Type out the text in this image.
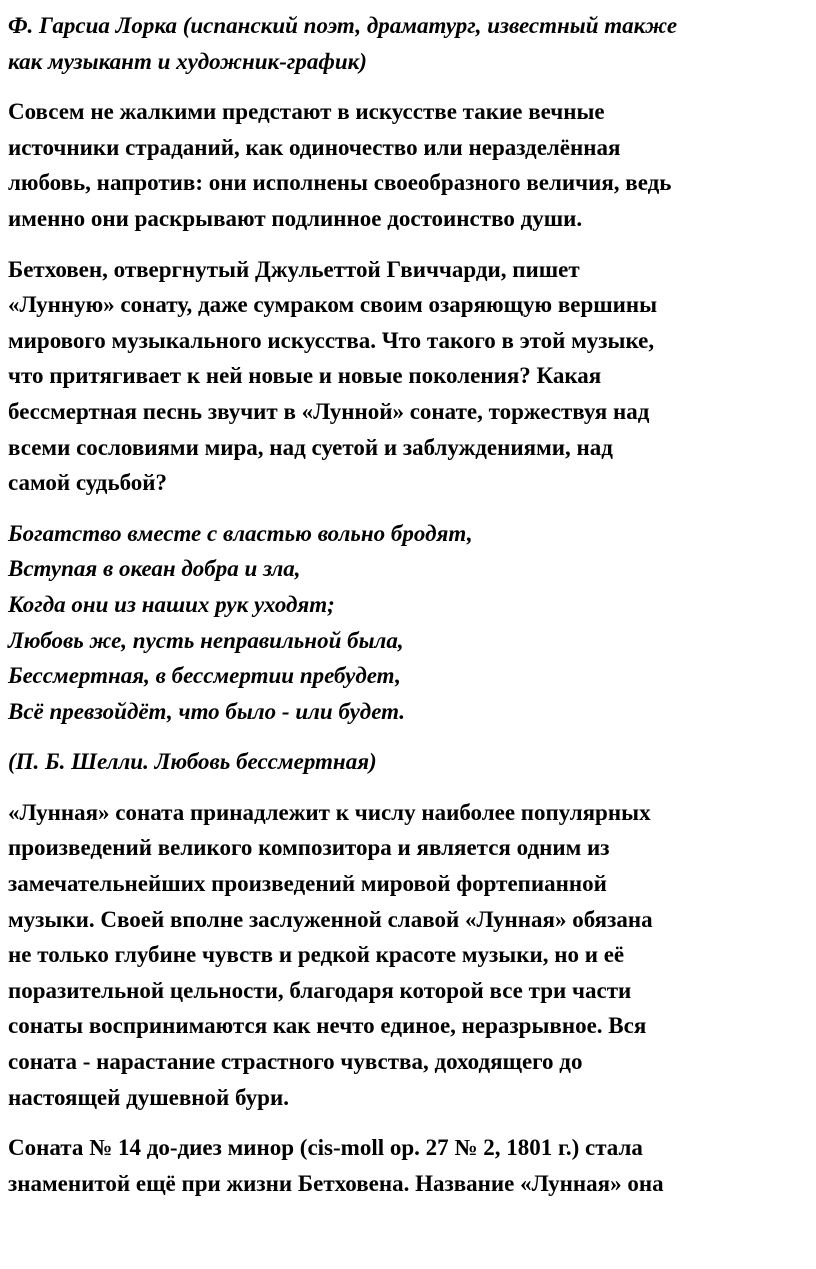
Ф. Гарсиа Лорка (испанский поэт, драматург, известный также
как музыкант и художник-график)
Совсем не жалкими предстают в искусстве такие вечные
источники страданий, как одиночество или неразделённая
любовь, напротив: они исполнены своеобразного величия, ведь
именно они раскрывают подлинное достоинство души.
Бетховен, отвергнутый Джульеттой Гвиччарди, пишет
«Лунную» сонату, даже сумраком своим озаряющую вершины
мирового музыкального искусства. Что такого в этой музыке,
что притягивает к ней новые и новые поколения? Какая
бессмертная песнь звучит в «Лунной» сонате, торжествуя над
всеми сословиями мира, над суетой и заблуждениями, над
самой судьбой?
Богатство вместе с властью вольно бродят,
Вступая в океан добра и зла,
Когда они из наших рук уходят;
Любовь же, пусть неправильной была,
Бессмертная, в бессмертии пребудет,
Всё превзойдёт, что было - или будет.
(П. Б. Шелли. Любовь бессмертная)
«Лунная» соната принадлежит к числу наиболее популярных
произведений великого композитора и является одним из
замечательнейших произведений мировой фортепианной
музыки. Своей вполне заслуженной славой «Лунная» обязана
не только глубине чувств и редкой красоте музыки, но и её
поразительной цельности, благодаря которой все три части
сонаты воспринимаются как нечто единое, неразрывное. Вся
соната - нарастание страстного чувства, доходящего до
настоящей душевной бури.
Соната № 14 до-диез минор (cis-moll op. 27 № 2, 1801 г.) стала
знаменитой ещё при жизни Бетховена. Название «Лунная» она
